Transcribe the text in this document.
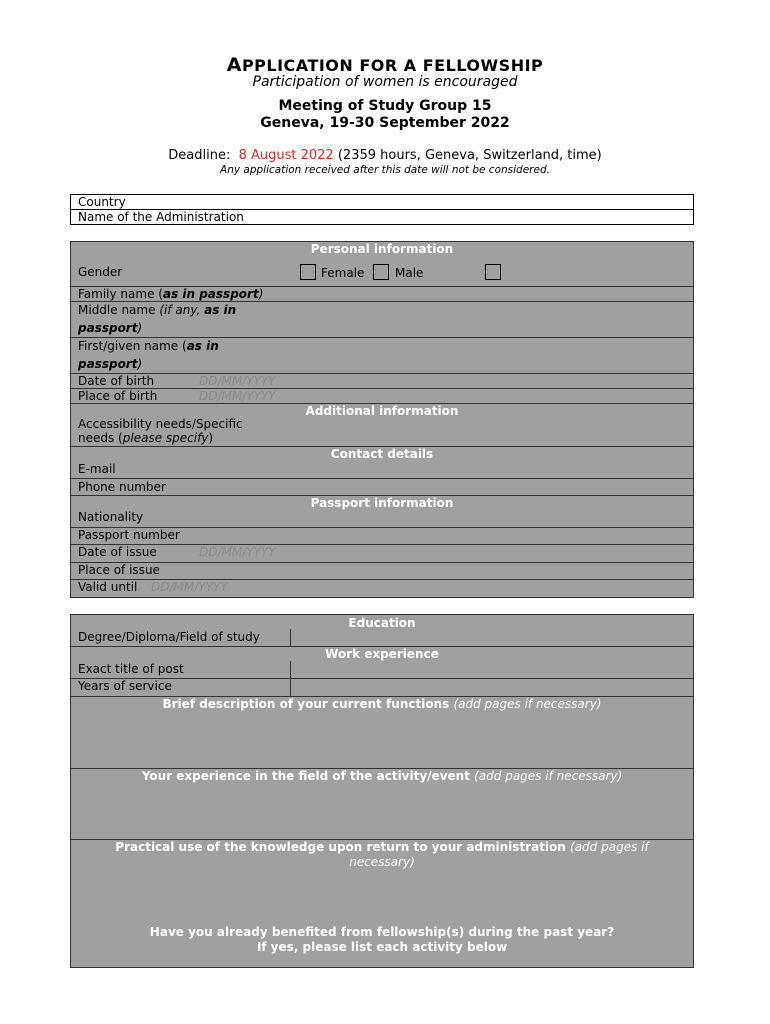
APPLICATION FOR A FELLOWSHIP
Participation of women is encouraged
Meeting of Study Group 15
Geneva, 19-30 September 2022
Deadline: 8 August 2022 (2359 hours, Geneva, Switzerland, time)
Any application received after this date will not be considered.
Country
Name of the Administration
Personal information
Gender	Female	Male
Family name (as in passport)
Middle name (if any, as in
passport)
First/given name (as in
passport)
Date of birth	DD/MM/YYYY
Place of birth	DD/MM/YYYY
Additional information
Accessibility needs/Specific
needs (please specify)
Contact details
E-mail
Phone number
Passport information
Nationality
Passport number
Date of issue	DD/MM/YYYY
Place of issue
Valid until DD/MM/YYYY
Education
Degree/Diploma/Field of study
Work experience
Exact title of post
Years of service
Brief description of your current functions (add pages if necessary)
Your experience in the field of the activity/event (add pages if necessary)
Practical use of the knowledge upon return to your administration (add pages if necessary)
Have you already benefited from fellowship(s) during the past year?
If yes, please list each activity below
